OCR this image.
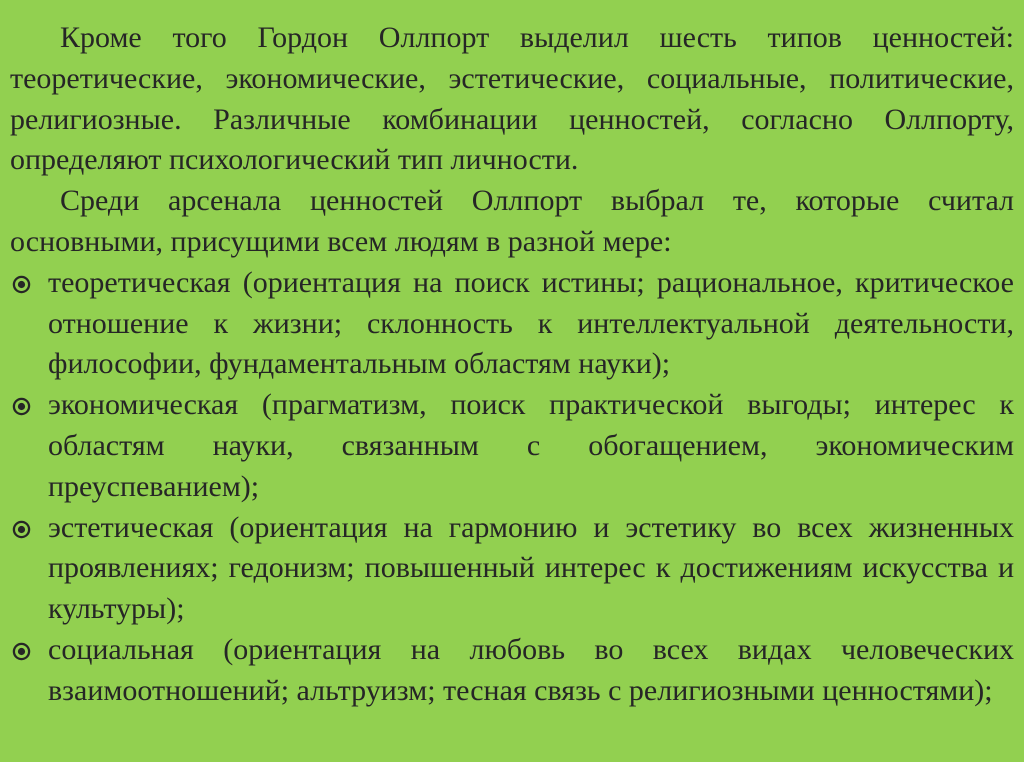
Кроме того Гордон Оллпорт выделил шесть типов ценностей: теоретические, экономические, эстетические, социальные, политические, религиозные. Различные комбинации ценностей, согласно Оллпорту, определяют психологический тип личности.

Среди арсенала ценностей Оллпорт выбрал те, которые считал основными, присущими всем людям в разной мере:

теоретическая (ориентация на поиск истины; рациональное, критическое отношение к жизни; склонность к интеллектуальной деятельности, философии, фундаментальным областям науки);
экономическая (прагматизм, поиск практической выгоды; интерес к областям науки, связанным с обогащением, экономическим преуспеванием);
эстетическая (ориентация на гармонию и эстетику во всех жизненных проявлениях; гедонизм; повышенный интерес к достижениям искусства и культуры);
социальная (ориентация на любовь во всех видах человеческих взаимоотношений; альтруизм; тесная связь с религиозными ценностями);
